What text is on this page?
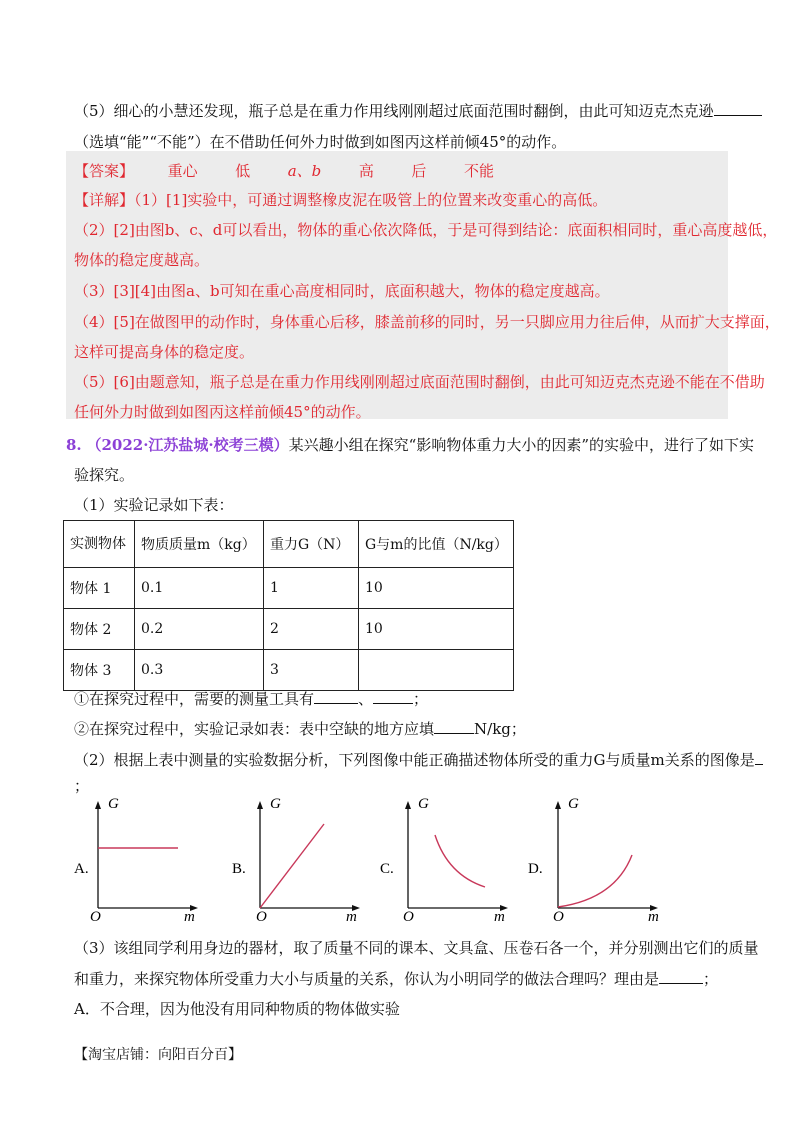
（5）细心的小慧还发现，瓶子总是在重力作用线刚刚超过底面范围时翻倒，由此可知迈克杰克逊
（选填“能”“不能”）在不借助任何外力时做到如图丙这样前倾45°的动作。
【答案】 重心	低	a、b	高	后	不能
【详解】（1）[1]实验中，可通过调整橡皮泥在吸管上的位置来改变重心的高低。
（2）[2]由图b、c、d可以看出，物体的重心依次降低，于是可得到结论：底面积相同时，重心高度越低，
物体的稳定度越高。
（3）[3][4]由图a、b可知在重心高度相同时，底面积越大，物体的稳定度越高。
（4）[5]在做图甲的动作时，身体重心后移，膝盖前移的同时，另一只脚应用力往后伸，从而扩大支撑面，
这样可提高身体的稳定度。
（5）[6]由题意知，瓶子总是在重力作用线刚刚超过底面范围时翻倒，由此可知迈克杰克逊不能在不借助
任何外力时做到如图丙这样前倾45°的动作。
8. （2022·江苏盐城·校考三模）某兴趣小组在探究“影响物体重力大小的因素”的实验中，进行了如下实
验探究。
（1）实验记录如下表：
实测物体	物质质量m（kg）	重力G（N）	G与m的比值（N/kg）
物体 1	0.1	1	10
物体 2	0.2	2	10
物体 3	0.3	3	
①在探究过程中，需要的测量工具有	、	；
②在探究过程中，实验记录如表：表中空缺的地方应填	N/kg；
（2）根据上表中测量的实验数据分析，下列图像中能正确描述物体所受的重力G与质量m关系的图像是
；
G
m
O
A.
G
m
O
B.
G
m
O
C.
G
m
O
D.
（3）该组同学利用身边的器材，取了质量不同的课本、文具盒、压卷石各一个，并分别测出它们的质量
和重力，来探究物体所受重力大小与质量的关系，你认为小明同学的做法合理吗？理由是	；
A．不合理，因为他没有用同种物质的物体做实验
【淘宝店铺：向阳百分百】
